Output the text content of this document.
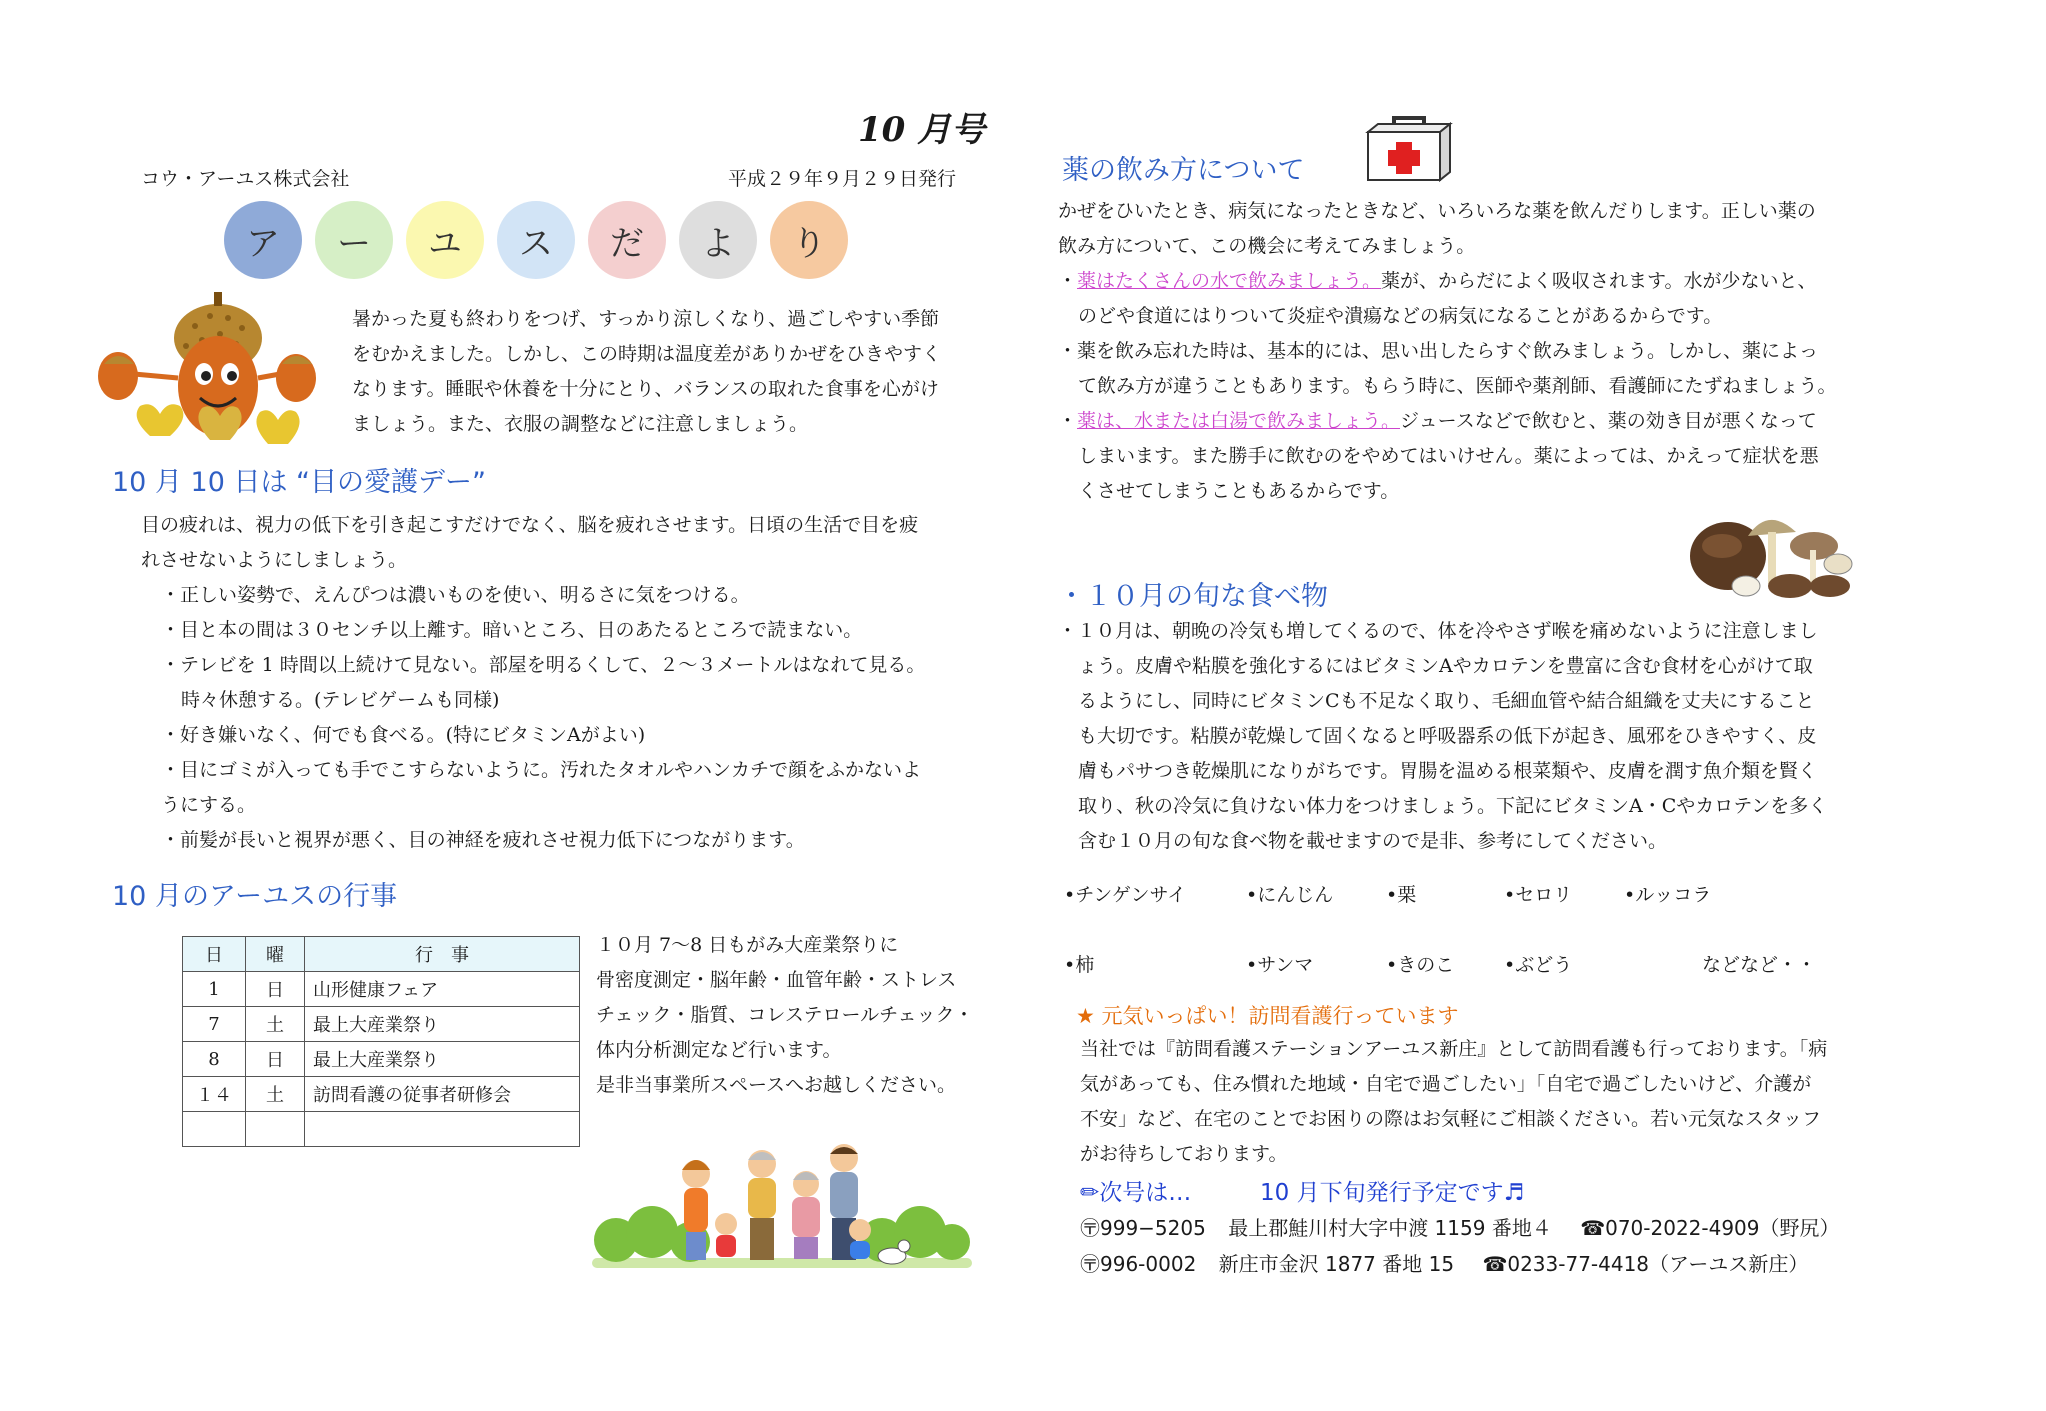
10 月号
コウ・アーユス株式会社	平成２９年９月２９日発行
ア	ー	ユ	ス	だ	よ	り

暑かった夏も終わりをつげ、すっかり涼しくなり、過ごしやすい季節

をむかえました。しかし、この時期は温度差がありかぜをひきやすく

なります。睡眠や休養を十分にとり、バランスの取れた食事を心がけ

ましょう。また、衣服の調整などに注意しましょう。

10 月 10 日は “目の愛護デー”

目の疲れは、視力の低下を引き起こすだけでなく、脳を疲れさせます。日頃の生活で目を疲

れさせないようにしましょう。

・正しい姿勢で、えんぴつは濃いものを使い、明るさに気をつける。

・目と本の間は３０センチ以上離す。暗いところ、日のあたるところで読まない。

・テレビを 1 時間以上続けて見ない。部屋を明るくして、２～３メートルはなれて見る。

時々休憩する。(テレビゲームも同様)

・好き嫌いなく、何でも食べる。(特にビタミンAがよい)

・目にゴミが入っても手でこすらないように。汚れたタオルやハンカチで顔をふかないよ

うにする。

・前髪が長いと視界が悪く、目の神経を疲れさせ視力低下につながります。

10 月のアーユスの行事
日	曜	行　事
1	日	山形健康フェア
7	土	最上大産業祭り
8	日	最上大産業祭り
１４	土	訪問看護の従事者研修会

１０月 7～8 日もがみ大産業祭りに

骨密度測定・脳年齢・血管年齢・ストレス

チェック・脂質、コレステロールチェック・

体内分析測定など行います。

是非当事業所スペースへお越しください。

薬の飲み方について

かぜをひいたとき、病気になったときなど、いろいろな薬を飲んだりします。正しい薬の

飲み方について、この機会に考えてみましょう。

・薬はたくさんの水で飲みましょう。薬が、からだによく吸収されます。水が少ないと、

のどや食道にはりついて炎症や潰瘍などの病気になることがあるからです。

・薬を飲み忘れた時は、基本的には、思い出したらすぐ飲みましょう。しかし、薬によっ

て飲み方が違うこともあります。もらう時に、医師や薬剤師、看護師にたずねましょう。

・薬は、水または白湯で飲みましょう。ジュースなどで飲むと、薬の効き目が悪くなって

しまいます。また勝手に飲むのをやめてはいけせん。薬によっては、かえって症状を悪

くさせてしまうこともあるからです。

・１０月の旬な食べ物

・１０月は、朝晩の冷気も増してくるので、体を冷やさず喉を痛めないように注意しまし

ょう。皮膚や粘膜を強化するにはビタミンAやカロテンを豊富に含む食材を心がけて取

るようにし、同時にビタミンCも不足なく取り、毛細血管や結合組織を丈夫にすること

も大切です。粘膜が乾燥して固くなると呼吸器系の低下が起き、風邪をひきやすく、皮

膚もパサつき乾燥肌になりがちです。胃腸を温める根菜類や、皮膚を潤す魚介類を賢く

取り、秋の冷気に負けない体力をつけましょう。下記にビタミンA・Cやカロテンを多く

含む１０月の旬な食べ物を載せますので是非、参考にしてください。

•チンゲンサイ	•にんじん	•栗	•セロリ	•ルッコラ
•柿	•サンマ	•きのこ	•ぶどう	などなど・・
★ 元気いっぱい！訪問看護行っています

当社では『訪問看護ステーションアーユス新庄』として訪問看護も行っております。「病

気があっても、住み慣れた地域・自宅で過ごしたい」「自宅で過ごしたいけど、介護が

不安」など、在宅のことでお困りの際はお気軽にご相談ください。若い元気なスタッフ

がお待ちしております。

✏次号は…	10 月下旬発行予定です♬
〶999−5205 最上郡鮭川村大字中渡 1159 番地４ ☎070-2022-4909（野尻）
〶996-0002 新庄市金沢 1877 番地 15 ☎0233-77-4418（アーユス新庄）
